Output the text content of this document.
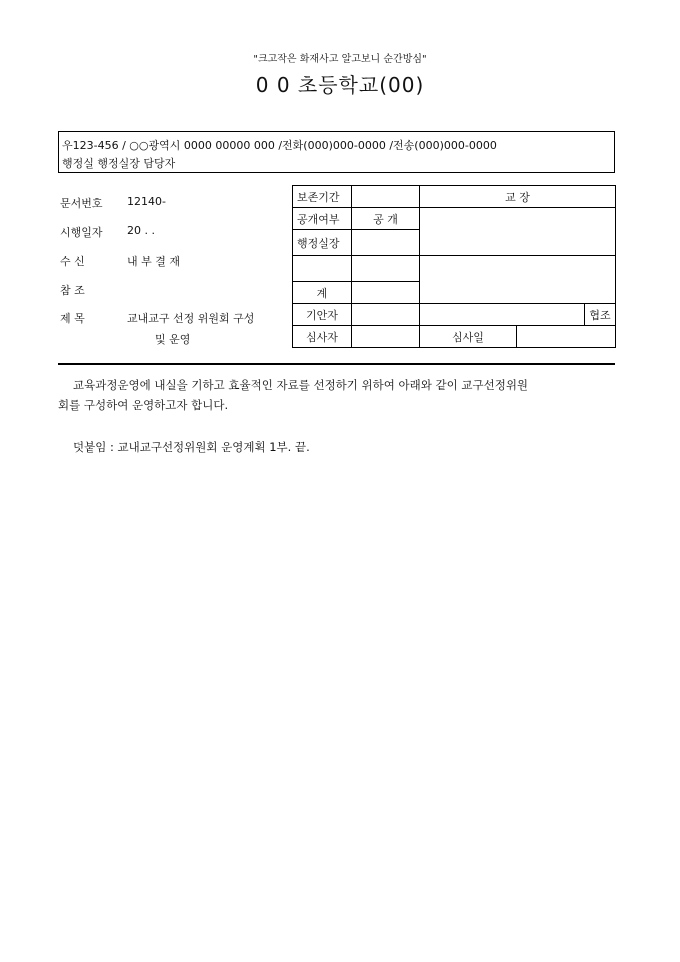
"크고작은 화재사고 알고보니 순간방심"
0 0 초등학교(00)
우123-456 / ○○광역시 0000 00000 000 /전화(000)000-0000 /전송(000)000-0000
행정실 행정실장 담당자
문서번호 12140-
시행일자 20 . .
수 신	내 부 결 재
참 조
제 목	교내교구 선정 위원회 구성
및 운영
보존기간		교 장		
공개여부	공 개			
행정실장				

계				
기안자				협조
심사자		심사일		
교육과정운영에 내실을 기하고 효율적인 자료를 선정하기 위하여 아래와 같이 교구선정위원
회를 구성하여 운영하고자 합니다.
덧붙임 : 교내교구선정위원회 운영계획 1부. 끝.
